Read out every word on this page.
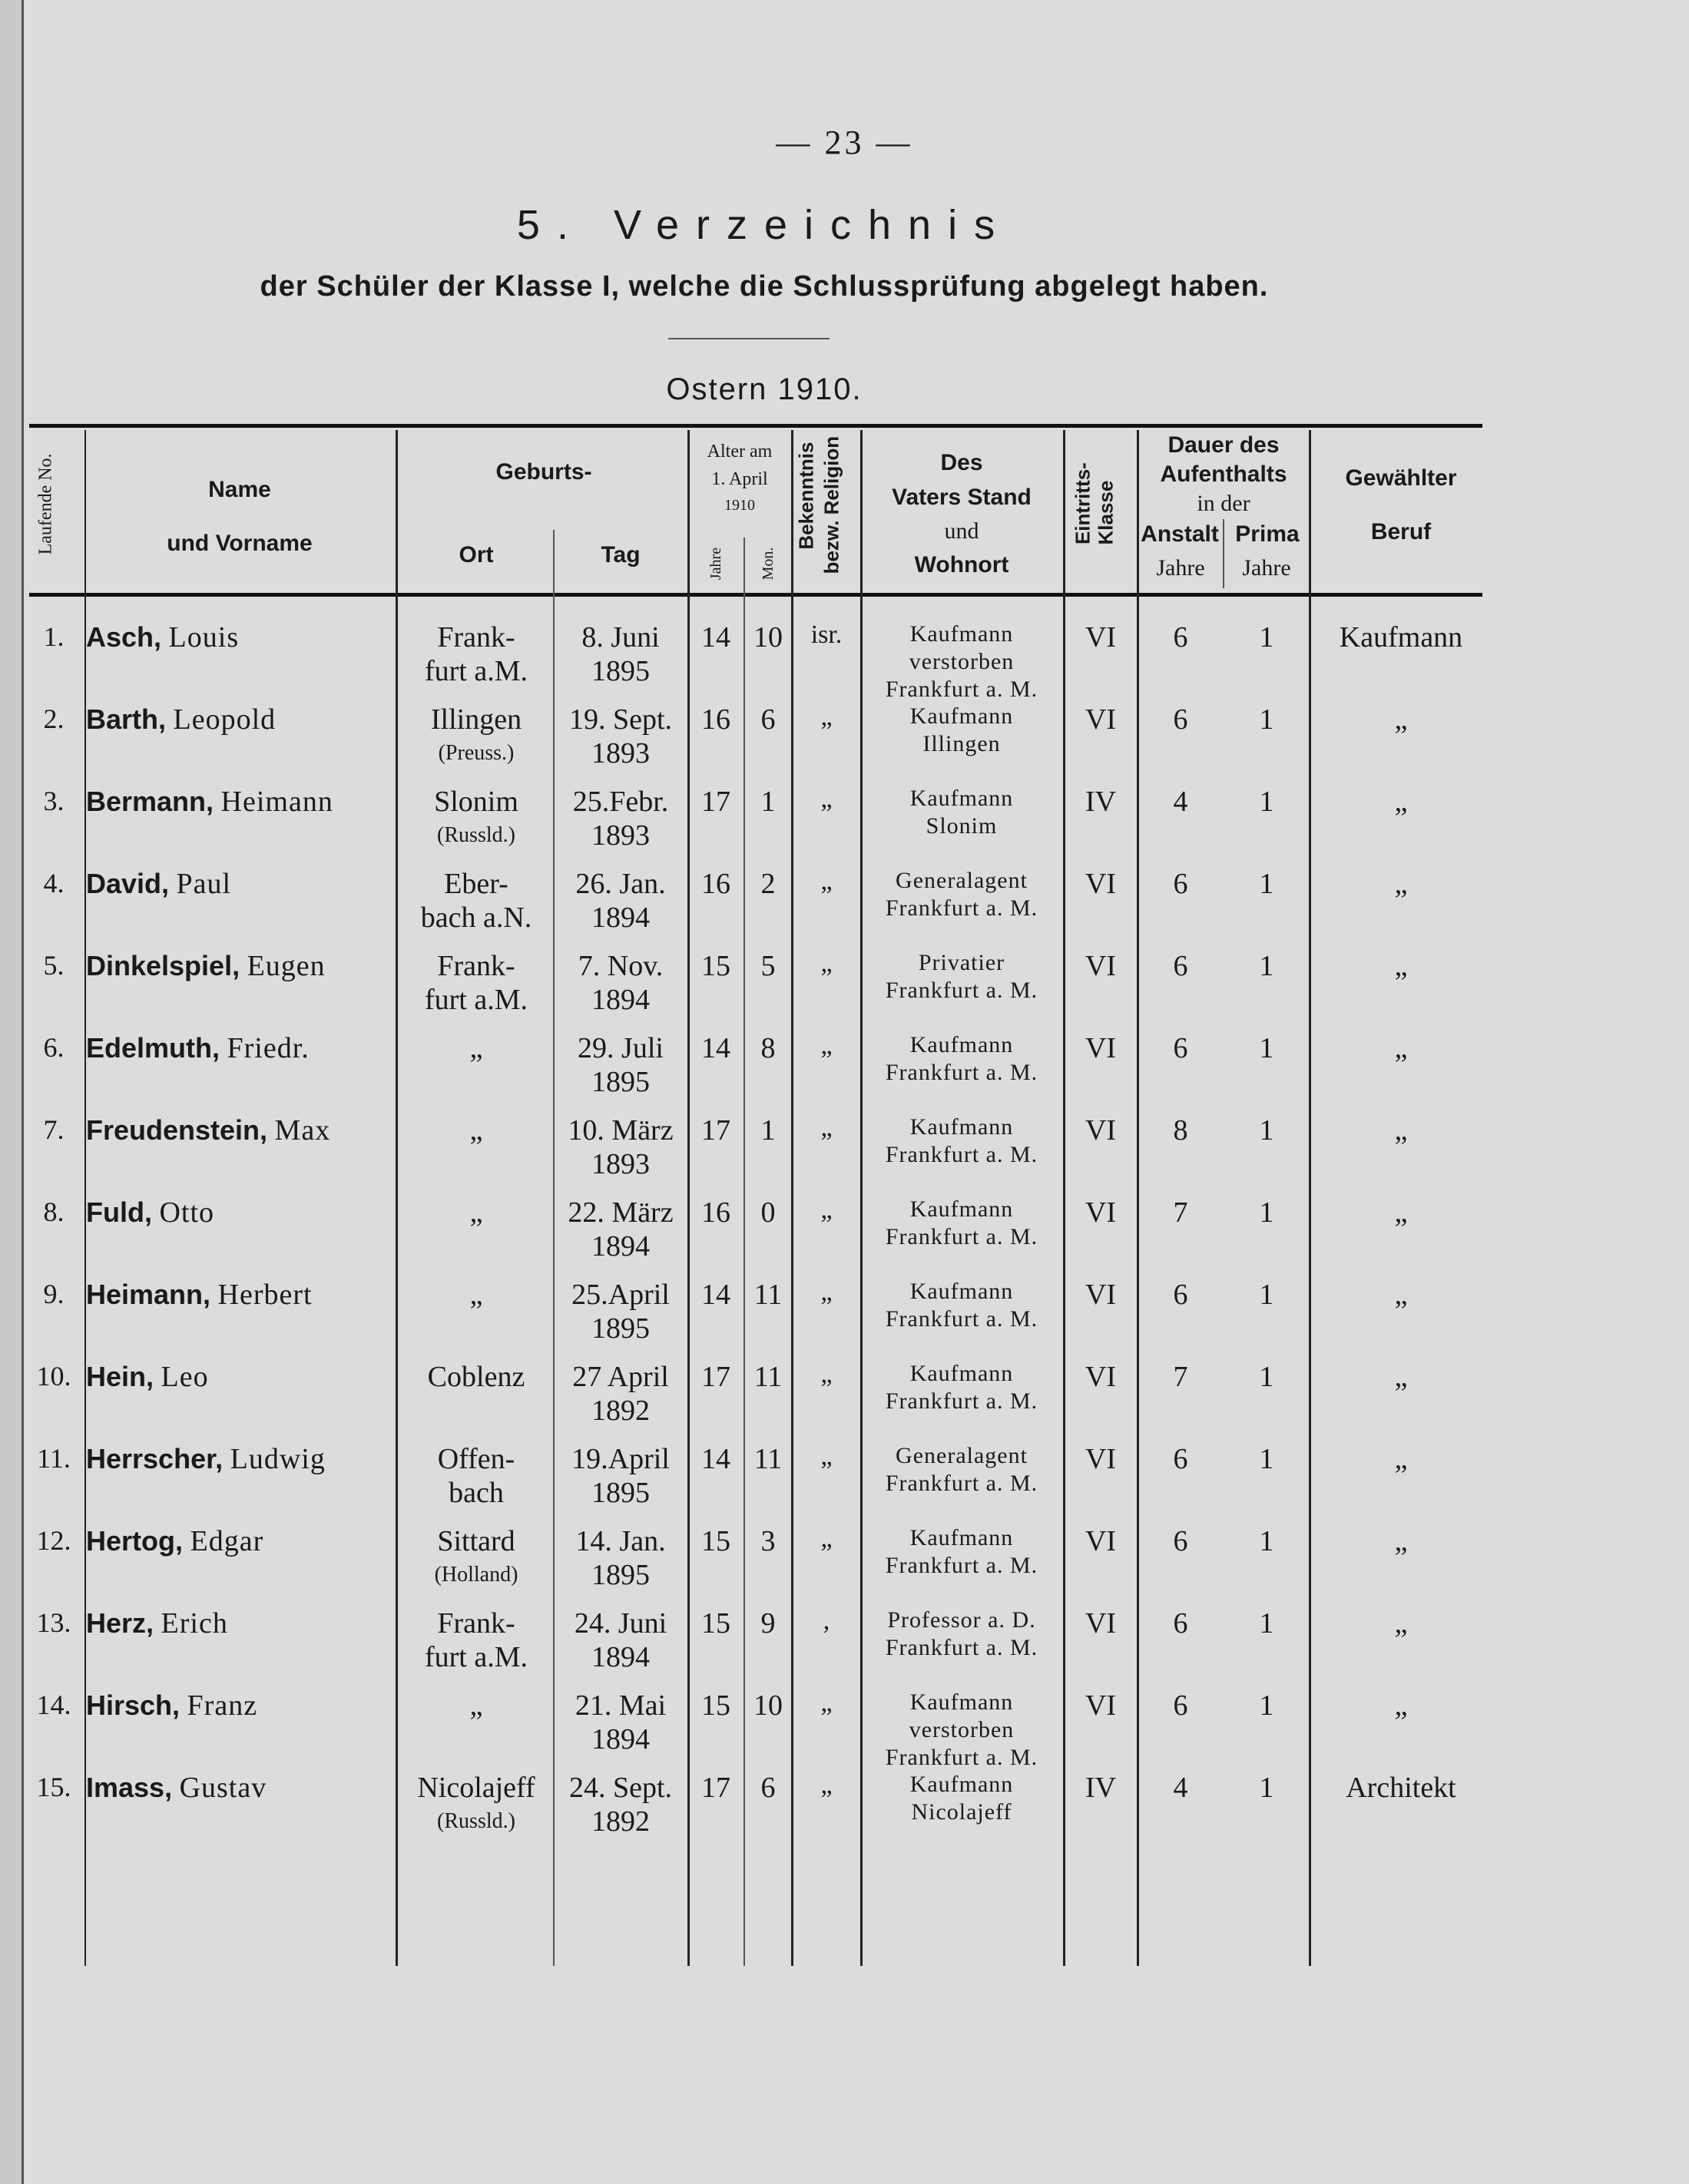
— 23 —
5. Verzeichnis
der Schüler der Klasse I, welche die Schlussprüfung abgelegt haben.
Ostern 1910.
Laufende No.	Name
und Vorname
Geburts-
Ort	Tag
Alter am
1. April
1910
Jahre Mon.
Bekenntnis bezw. Religion	Des
Vaters Stand
und
Wohnort
Eintritts- Klasse
Dauer des
Aufenthalts
in der
Anstalt Prima
Jahre	Jahre
Gewählter
Beruf
1. Asch, Louis	Frank-
furt a.M.
8. Juni
1895
14 10	isr.	Kaufmann
verstorben
Frankfurt a. M.
VI	6	1	Kaufmann
2. Barth, Leopold	Illingen
(Preuss.)
19. Sept.
1893
16	6	„	Kaufmann
Illingen
VI	6	1	„
3. Bermann, Heimann	Slonim
(Russld.)
25.Febr.
1893
17	1	„	Kaufmann
Slonim
IV	4	1	„
4. David, Paul	Eber-
bach a.N.
26. Jan.
1894
16	2	„	Generalagent
Frankfurt a. M.
VI	6	1	„
5. Dinkelspiel, Eugen	Frank-
furt a.M.
7. Nov.
1894
15	5	„	Privatier
Frankfurt a. M.
VI	6	1	„
6. Edelmuth, Friedr.	„	29. Juli
1895
14	8	„	Kaufmann
Frankfurt a. M.
VI	6	1	„
7. Freudenstein, Max	„	10. März
1893
17	1	„	Kaufmann
Frankfurt a. M.
VI	8	1	„
8. Fuld, Otto	„	22. März
1894
16	0	„	Kaufmann
Frankfurt a. M.
VI	7	1	„
9. Heimann, Herbert	„	25.April
1895
14 11	„	Kaufmann
Frankfurt a. M.
VI	6	1	„
10. Hein, Leo	Coblenz	27 April
1892
17 11	„	Kaufmann
Frankfurt a. M.
VI	7	1	„
11. Herrscher, Ludwig	Offen-
bach
19.April
1895
14 11	„	Generalagent
Frankfurt a. M.
VI	6	1	„
12. Hertog, Edgar	Sittard
(Holland)
14. Jan.
1895
15	3	„	Kaufmann
Frankfurt a. M.
VI	6	1	„
13. Herz, Erich	Frank-
furt a.M.
24. Juni
1894
15	9	,	Professor a. D.
Frankfurt a. M.
VI	6	1	„
14. Hirsch, Franz	„	21. Mai
1894
15 10	„	Kaufmann
verstorben
Frankfurt a. M.
VI	6	1	„
15. Imass, Gustav	Nicolajeff
(Russld.)
24. Sept.
1892
17	6	„	Kaufmann
Nicolajeff
IV	4	1	Architekt
